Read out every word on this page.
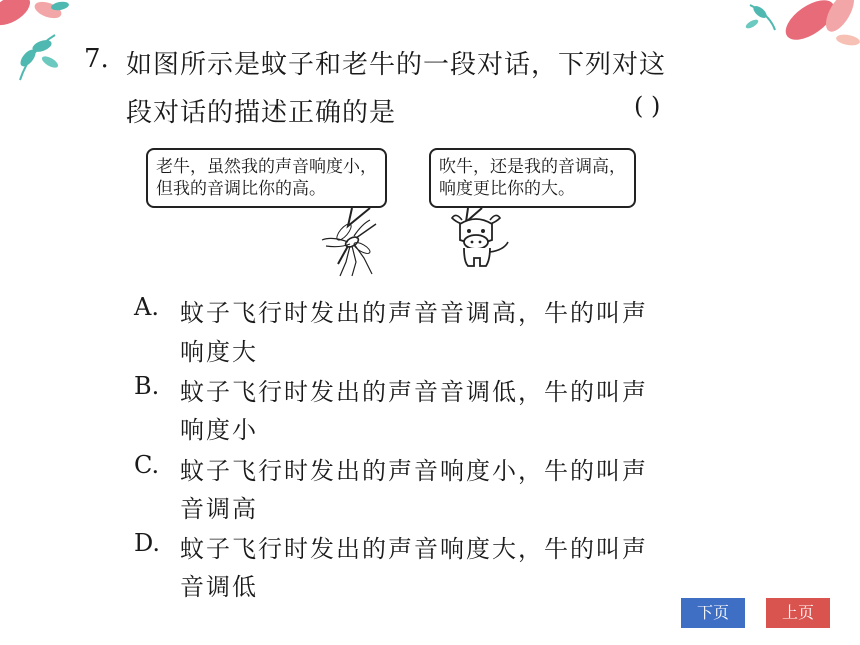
7. 如图所示是蚊子和老牛的一段对话，下列对这
段对话的描述正确的是	( )
老牛，虽然我的声音响度小，
但我的音调比你的高。
吹牛，还是我的音调高，
响度更比你的大。
A. 蚊子飞行时发出的声音音调高，牛的叫声
响度大
B. 蚊子飞行时发出的声音音调低，牛的叫声
响度小
C. 蚊子飞行时发出的声音响度小，牛的叫声
音调高
D. 蚊子飞行时发出的声音响度大，牛的叫声
音调低
下页	上页
